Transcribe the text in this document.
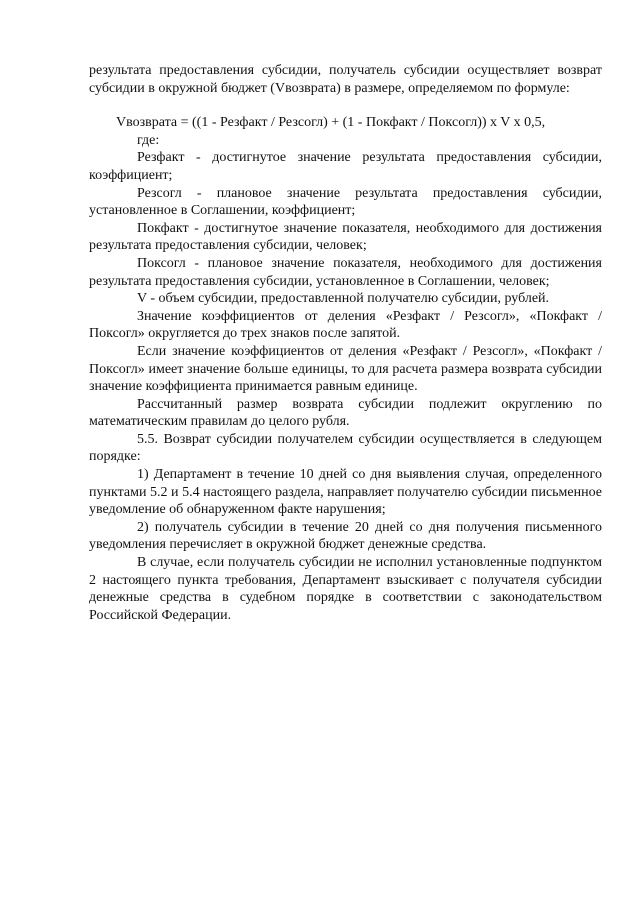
результата предоставления субсидии, получатель субсидии осуществляет возврат субсидии в окружной бюджет (Vвозврата) в размере, определяемом по формуле:

Vвозврата = ((1 - Резфакт / Резсогл) + (1 - Покфакт / Поксогл)) x V x 0,5,

где:

Резфакт - достигнутое значение результата предоставления субсидии, коэффициент;

Резсогл - плановое значение результата предоставления субсидии, установленное в Соглашении, коэффициент;

Покфакт - достигнутое значение показателя, необходимого для достижения результата предоставления субсидии, человек;

Поксогл - плановое значение показателя, необходимого для достижения результата предоставления субсидии, установленное в Соглашении, человек;

V - объем субсидии, предоставленной получателю субсидии, рублей.

Значение коэффициентов от деления «Резфакт / Резсогл», «Покфакт / Поксогл» округляется до трех знаков после запятой.

Если значение коэффициентов от деления «Резфакт / Резсогл», «Покфакт / Поксогл» имеет значение больше единицы, то для расчета размера возврата субсидии значение коэффициента принимается равным единице.

Рассчитанный размер возврата субсидии подлежит округлению по математическим правилам до целого рубля.

5.5. Возврат субсидии получателем субсидии осуществляется в следующем порядке:

1) Департамент в течение 10 дней со дня выявления случая, определенного пунктами 5.2 и 5.4 настоящего раздела, направляет получателю субсидии письменное уведомление об обнаруженном факте нарушения;

2) получатель субсидии в течение 20 дней со дня получения письменного уведомления перечисляет в окружной бюджет денежные средства.

В случае, если получатель субсидии не исполнил установленные подпунктом 2 настоящего пункта требования, Департамент взыскивает с получателя субсидии денежные средства в судебном порядке в соответствии с законодательством Российской Федерации.
